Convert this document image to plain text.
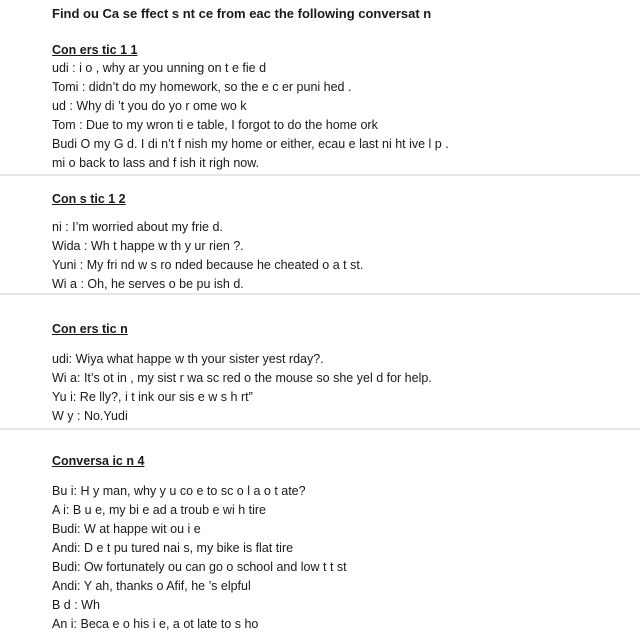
Find ou Ca se ffect s nt ce from eac the following conversat n
Con ers tic 1 1
udi : i o , why ar you unning on t e fie d
Tomi : didn’t do my homework, so the e c er puni hed .
ud : Why di ’t you do yo r ome wo k
Tom : Due to my wron ti e table, I forgot to do the home ork
Budi O my G d. I di n’t f nish my home or either, ecau e last ni ht ive l p .
mi o back to lass and f ish it righ now.
Con s tic 1 2
ni : I’m worried about my frie d.
Wida : Wh t happe w th y ur rien ?.
Yuni : My fri nd w s ro nded because he cheated o a t st.
Wi a : Oh, he serves o be pu ish d.
Con ers tic n
udi: Wiya what happe w th your sister yest rday?.
Wi a: It’s ot in , my sist r wa sc red o the mouse so she yel d for help.
Yu i: Re lly?, i t ink our sis e w s h rt”
W y : No.Yudi
Conversa ic n 4
Bu i: H y man, why y u co e to sc o l a o t ate?
A i: B u e, my bi e ad a troub e wi h tire
Budi: W at happe wit ou i e
Andi: D e t pu tured nai s, my bike is flat tire
Budi: Ow fortunately ou can go o school and low t t st
Andi: Y ah, thanks o Afif, he ’s elpful
B d : Wh
An i: Beca e o his i e, a ot late to s ho
